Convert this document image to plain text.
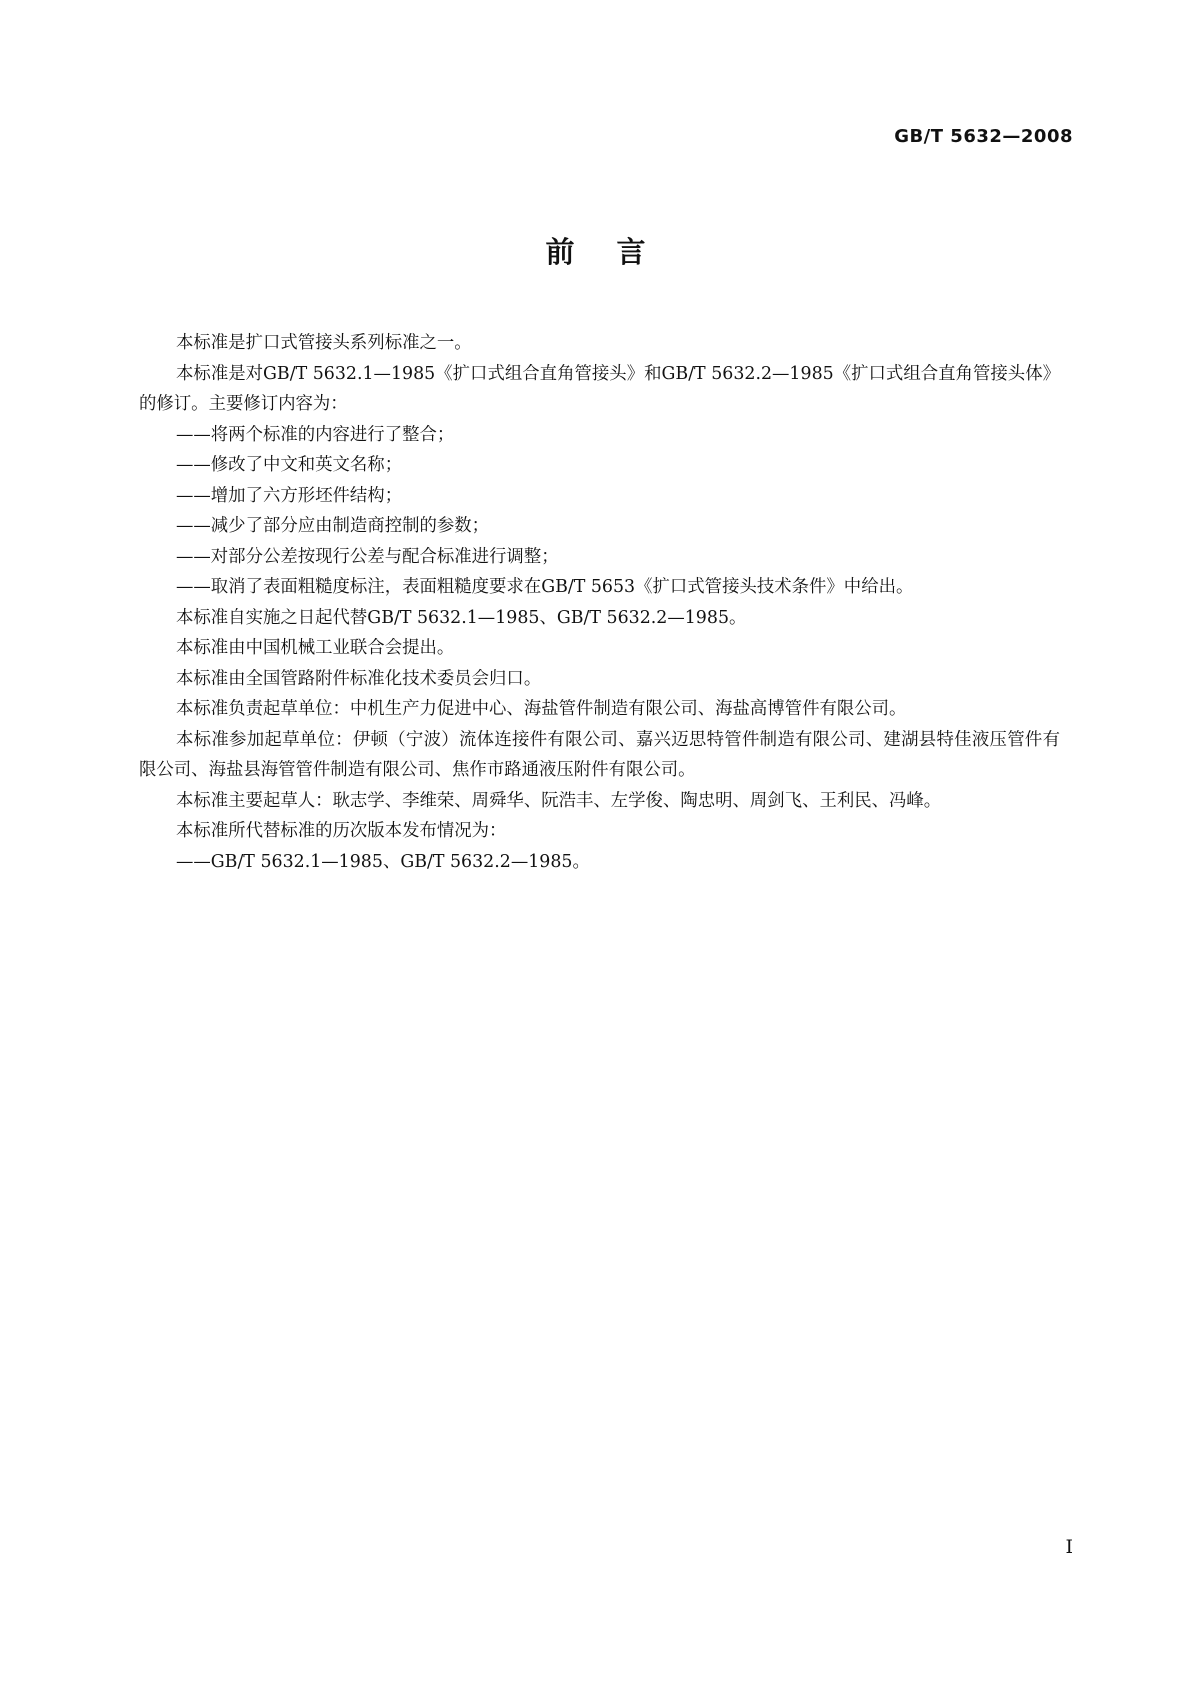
GB/T 5632—2008
前言

本标准是扩口式管接头系列标准之一。

本标准是对GB/T 5632.1—1985《扩口式组合直角管接头》和GB/T 5632.2—1985《扩口式组合直角管接头体》的修订。主要修订内容为：

——将两个标准的内容进行了整合；

——修改了中文和英文名称；

——增加了六方形坯件结构；

——减少了部分应由制造商控制的参数；

——对部分公差按现行公差与配合标准进行调整；

——取消了表面粗糙度标注，表面粗糙度要求在GB/T 5653《扩口式管接头技术条件》中给出。

本标准自实施之日起代替GB/T 5632.1—1985、GB/T 5632.2—1985。

本标准由中国机械工业联合会提出。

本标准由全国管路附件标准化技术委员会归口。

本标准负责起草单位：中机生产力促进中心、海盐管件制造有限公司、海盐高博管件有限公司。

本标准参加起草单位：伊顿（宁波）流体连接件有限公司、嘉兴迈思特管件制造有限公司、建湖县特佳液压管件有限公司、海盐县海管管件制造有限公司、焦作市路通液压附件有限公司。

本标准主要起草人：耿志学、李维荣、周舜华、阮浩丰、左学俊、陶忠明、周剑飞、王利民、冯峰。

本标准所代替标准的历次版本发布情况为：

——GB/T 5632.1—1985、GB/T 5632.2—1985。

I
